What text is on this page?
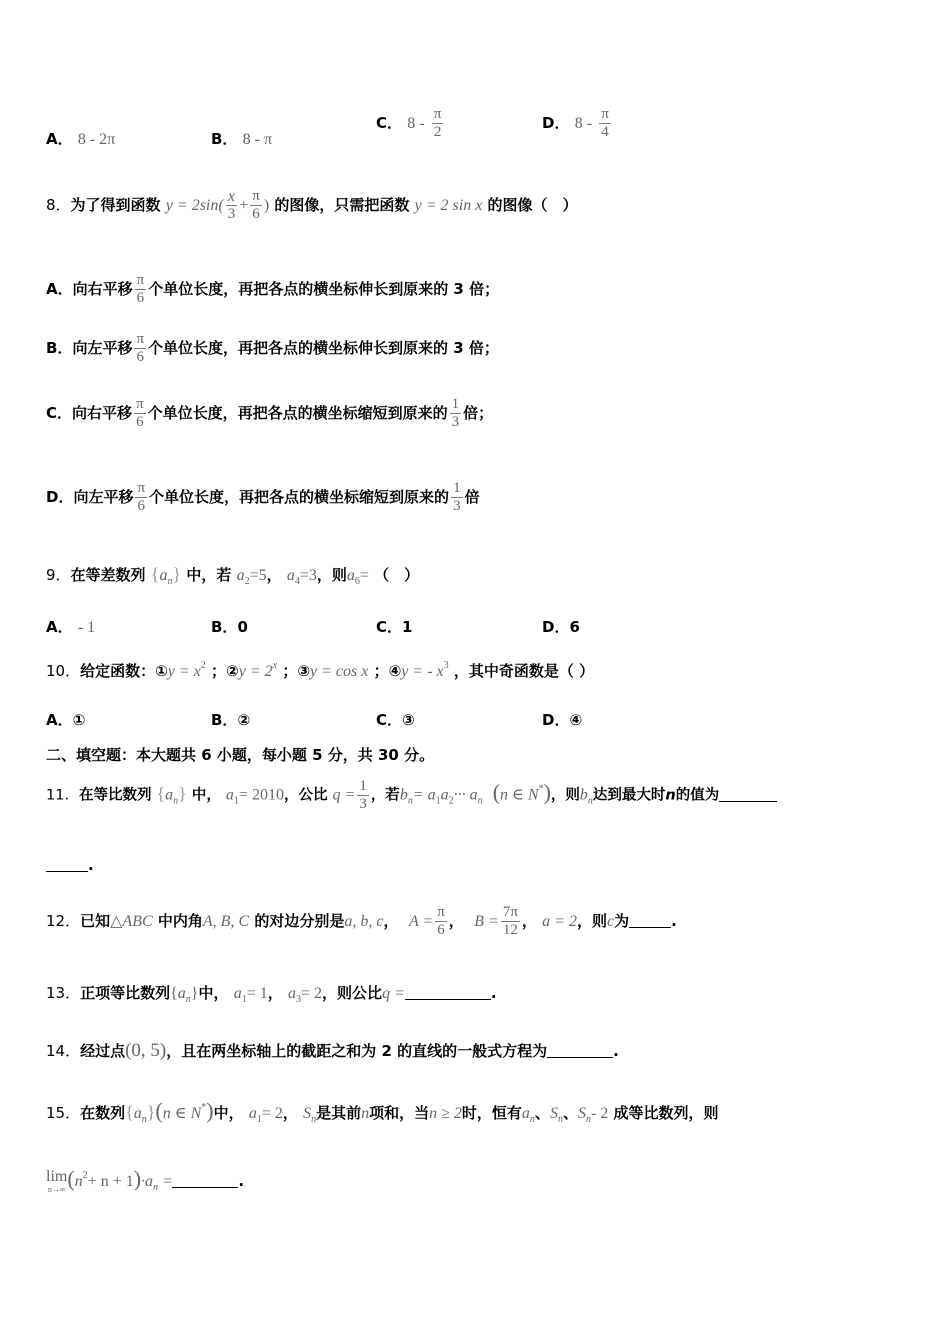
A． 8 - 2π	B． 8 - π
C． $8 - \frac{\pi}{2}$	D． $8 - \frac{\pi}{4}$
8．为了得到函数 $y = 2\sin( \frac{x}{3} + \frac{\pi}{6}$ ) 的图像，只需把函数 y = 2 sin x 的图像（　）
A．向右平移 $\frac{\pi}{6}$ 个单位长度，再把各点的横坐标伸长到原来的 3 倍；
B．向左平移 $\frac{\pi}{6}$ 个单位长度，再把各点的横坐标伸长到原来的 3 倍；
C．向右平移 $\frac{\pi}{6}$ 个单位长度，再把各点的横坐标缩短到原来的 $\frac{1}{3}$ 倍；
D．向左平移 $\frac{\pi}{6}$ 个单位长度，再把各点的横坐标缩短到原来的 $\frac{1}{3}$ 倍
9．在等差数列 $\{a_n\}$ 中，若 $a_2=5$， $a_4=3$，则$a_6=$ （　）
A． - 1	B．0	C．1	D．6
10．给定函数：①y = $x^2$ ；②y = $2^x$ ；③y = cos x ；④y = - $x^3$ ，其中奇函数是（ ）
A．①	B．②	C．③	D．④
二、填空题：本大题共 6 小题，每小题 5 分，共 30 分。
11．在等比数列 $\{a_n\}$ 中， $a_1= 2010$，公比 $q = \frac{1}{3}$ ，若$b_n= a_1a_2\cdot\cdot\cdot a_n$ (n ∈ N*)，则$b_n$达到最大时n的值为
.
12．已知△ABC 中内角A, B, C 的对边分别是a, b, c， $A = \frac{\pi}{6}$ ， $B = \frac{7\pi}{12}$ ， a = 2，则c为	.
13．正项等比数列$\{a_n\}$中， $a_1= 1$， $a_3= 2$，则公比q =	.
14．经过点(0, 5)，且在两坐标轴上的截距之和为 2 的直线的一般式方程为	.
15．在数列$\{a_n\}(n$ ∈ N*)中， $a_1= 2$， $S_n$是其前n项和，当n ≥ 2时，恒有$a_n$、$S_n$、$S_n-$ 2 成等比数列，则
lim
n→∞ $(n^2+ n + 1)\cdot a_n$ =	.
